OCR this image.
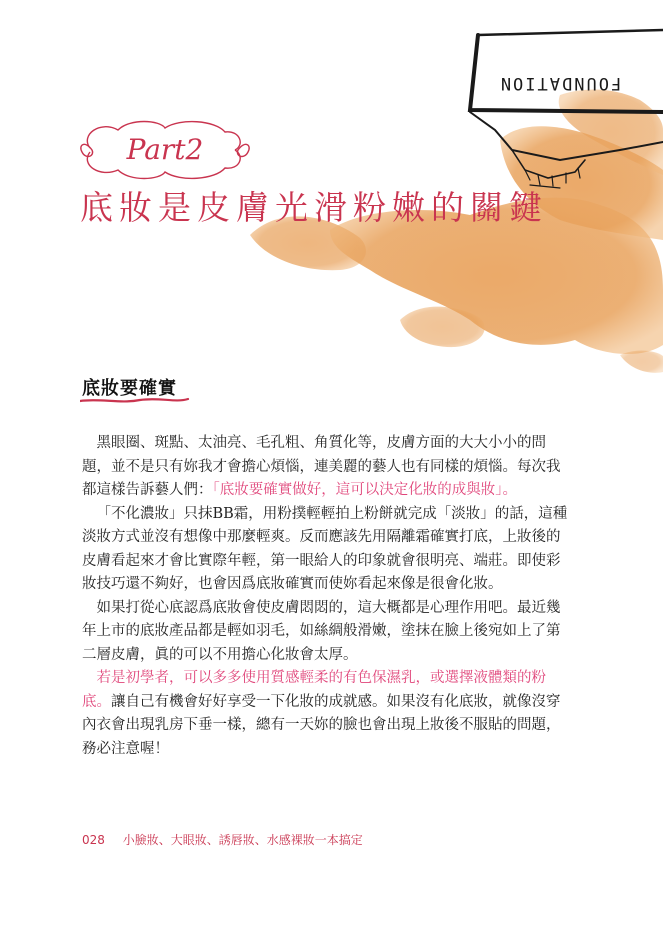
FOUNDATION
Part2
底妝是皮膚光滑粉嫩的關鍵
底妝要確實

黑眼圈、斑點、太油亮、毛孔粗、角質化等，皮膚方面的大大小小的問題，並不是只有妳我才會擔心煩惱，連美麗的藝人也有同樣的煩惱。每次我都這樣告訴藝人們：「底妝要確實做好，這可以決定化妝的成與妝」。

「不化濃妝」只抹BB霜，用粉撲輕輕拍上粉餅就完成「淡妝」的話，這種淡妝方式並沒有想像中那麼輕爽。反而應該先用隔離霜確實打底，上妝後的皮膚看起來才會比實際年輕，第一眼給人的印象就會很明亮、端莊。即使彩妝技巧還不夠好，也會因爲底妝確實而使妳看起來像是很會化妝。

如果打從心底認爲底妝會使皮膚悶悶的，這大概都是心理作用吧。最近幾年上市的底妝產品都是輕如羽毛，如絲綢般滑嫩，塗抹在臉上後宛如上了第二層皮膚，眞的可以不用擔心化妝會太厚。

若是初學者，可以多多使用質感輕柔的有色保濕乳，或選擇液體類的粉底。讓自己有機會好好享受一下化妝的成就感。如果沒有化底妝，就像沒穿內衣會出現乳房下垂一樣，總有一天妳的臉也會出現上妝後不服貼的問題，務必注意喔！

028 小臉妝、大眼妝、誘唇妝、水感裸妝一本搞定
